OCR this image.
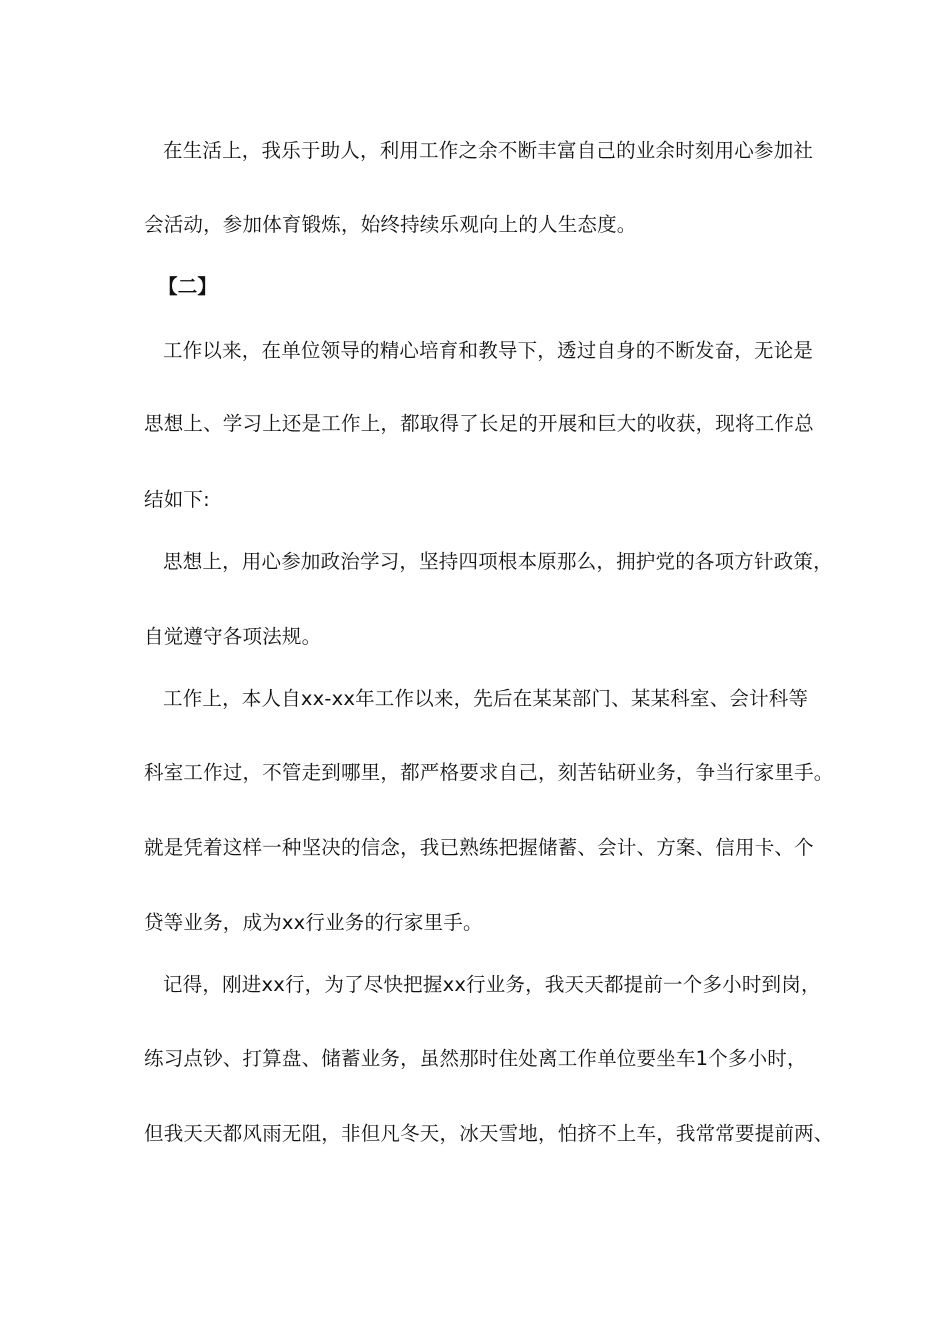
在生活上，我乐于助人，利用工作之余不断丰富自己的业余时刻用心参加社
会活动，参加体育锻炼，始终持续乐观向上的人生态度。
【二】
工作以来，在单位领导的精心培育和教导下，透过自身的不断发奋，无论是
思想上、学习上还是工作上，都取得了长足的开展和巨大的收获，现将工作总
结如下:
思想上，用心参加政治学习，坚持四项根本原那么，拥护党的各项方针政策，
自觉遵守各项法规。
工作上，本人自xx-xx年工作以来，先后在某某部门、某某科室、会计科等
科室工作过，不管走到哪里，都严格要求自己，刻苦钻研业务，争当行家里手。
就是凭着这样一种坚决的信念，我已熟练把握储蓄、会计、方案、信用卡、个
贷等业务，成为xx行业务的行家里手。
记得，刚进xx行，为了尽快把握xx行业务，我天天都提前一个多小时到岗，
练习点钞、打算盘、储蓄业务，虽然那时住处离工作单位要坐车1个多小时，
但我天天都风雨无阻，非但凡冬天，冰天雪地，怕挤不上车，我常常要提前两、
